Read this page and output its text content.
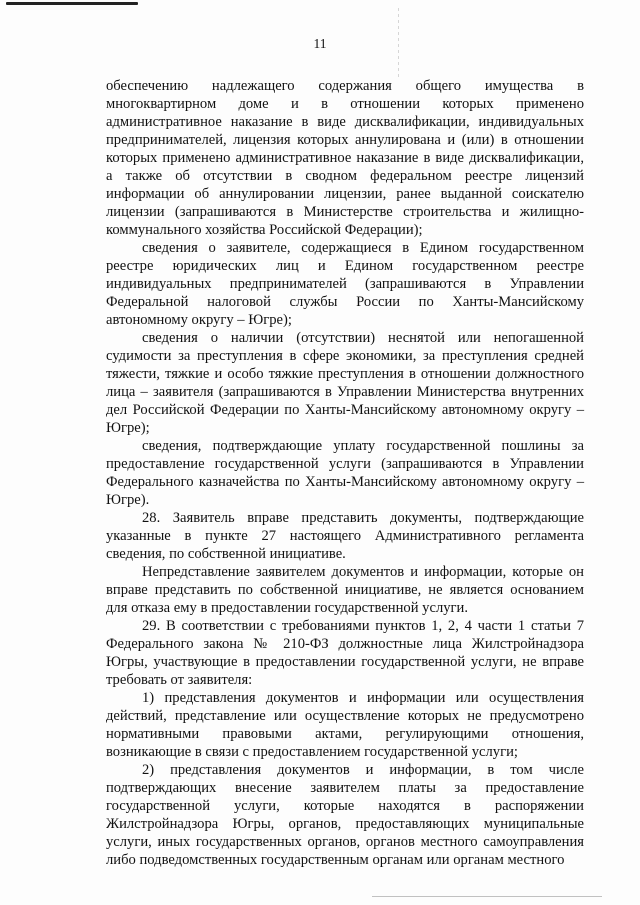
11

обеспечению надлежащего содержания общего имущества в многоквартирном доме и в отношении которых применено административное наказание в виде дисквалификации, индивидуальных предпринимателей, лицензия которых аннулирована и (или) в отношении которых применено административное наказание в виде дисквалификации, а также об отсутствии в сводном федеральном реестре лицензий информации об аннулировании лицензии, ранее выданной соискателю лицензии (запрашиваются в Министерстве строительства и жилищно-коммунального хозяйства Российской Федерации);

сведения о заявителе, содержащиеся в Едином государственном реестре юридических лиц и Едином государственном реестре индивидуальных предпринимателей (запрашиваются в Управлении Федеральной налоговой службы России по Ханты-Мансийскому автономному округу – Югре);

сведения о наличии (отсутствии) неснятой или непогашенной судимости за преступления в сфере экономики, за преступления средней тяжести, тяжкие и особо тяжкие преступления в отношении должностного лица – заявителя (запрашиваются в Управлении Министерства внутренних дел Российской Федерации по Ханты-Мансийскому автономному округу – Югре);

сведения, подтверждающие уплату государственной пошлины за предоставление государственной услуги (запрашиваются в Управлении Федерального казначейства по Ханты-Мансийскому автономному округу – Югре).

28. Заявитель вправе представить документы, подтверждающие указанные в пункте 27 настоящего Административного регламента сведения, по собственной инициативе.

Непредставление заявителем документов и информации, которые он вправе представить по собственной инициативе, не является основанием для отказа ему в предоставлении государственной услуги.

29. В соответствии с требованиями пунктов 1, 2, 4 части 1 статьи 7 Федерального закона № 210-ФЗ должностные лица Жилстройнадзора Югры, участвующие в предоставлении государственной услуги, не вправе требовать от заявителя:

1) представления документов и информации или осуществления действий, представление или осуществление которых не предусмотрено нормативными правовыми актами, регулирующими отношения, возникающие в связи с предоставлением государственной услуги;

2) представления документов и информации, в том числе подтверждающих внесение заявителем платы за предоставление государственной услуги, которые находятся в распоряжении Жилстройнадзора Югры, органов, предоставляющих муниципальные услуги, иных государственных органов, органов местного самоуправления либо подведомственных государственным органам или органам местного
